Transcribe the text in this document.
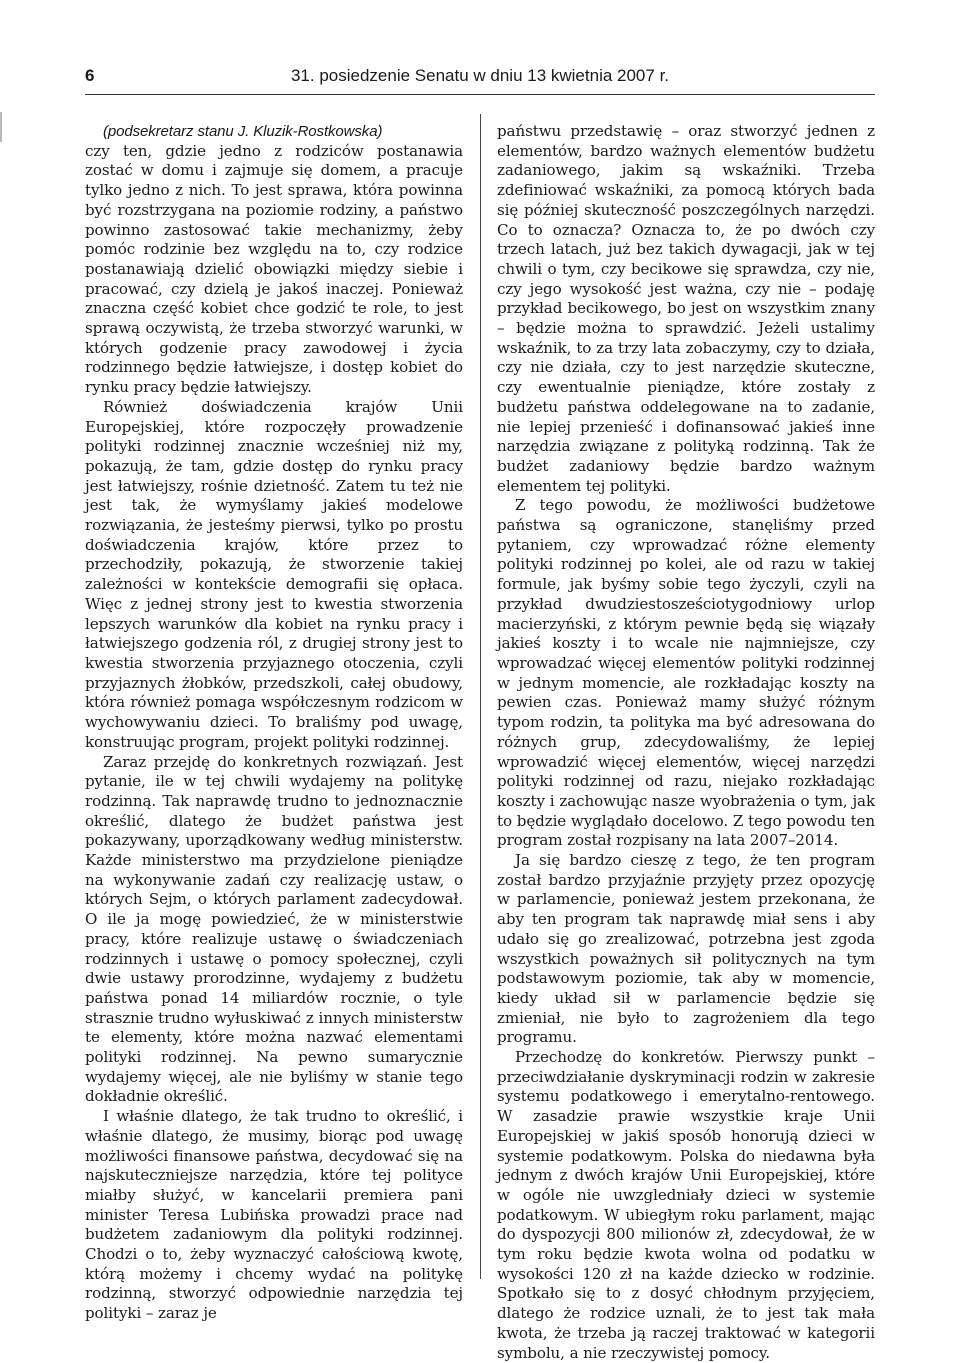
6	31. posiedzenie Senatu w dniu 13 kwietnia 2007 r.

(podsekretarz stanu J. Kluzik-Rostkowska)

czy ten, gdzie jedno z rodziców postanawia zostać w domu i zajmuje się domem, a pracuje tylko jedno z nich. To jest sprawa, która powinna być rozstrzygana na poziomie rodziny, a państwo powinno zastosować takie mechanizmy, żeby pomóc rodzinie bez względu na to, czy rodzice postanawiają dzielić obowiązki między siebie i pracować, czy dzielą je jakoś inaczej. Ponieważ znaczna część kobiet chce godzić te role, to jest sprawą oczywistą, że trzeba stworzyć warunki, w których godzenie pracy zawodowej i życia rodzinnego będzie łatwiejsze, i dostęp kobiet do rynku pracy będzie łatwiejszy.

Również doświadczenia krajów Unii Europejskiej, które rozpoczęły prowadzenie polityki rodzinnej znacznie wcześniej niż my, pokazują, że tam, gdzie dostęp do rynku pracy jest łatwiejszy, rośnie dzietność. Zatem tu też nie jest tak, że wymyślamy jakieś modelowe rozwiązania, że jesteśmy pierwsi, tylko po prostu doświadczenia krajów, które przez to przechodziły, pokazują, że stworzenie takiej zależności w kontekście demografii się opłaca. Więc z jednej strony jest to kwestia stworzenia lepszych warunków dla kobiet na rynku pracy i łatwiejszego godzenia ról, z drugiej strony jest to kwestia stworzenia przyjaznego otoczenia, czyli przyjaznych żłobków, przedszkoli, całej obudowy, która również pomaga współczesnym rodzicom w wychowywaniu dzieci. To braliśmy pod uwagę, konstruując program, projekt polityki rodzinnej.

Zaraz przejdę do konkretnych rozwiązań. Jest pytanie, ile w tej chwili wydajemy na politykę rodzinną. Tak naprawdę trudno to jednoznacznie określić, dlatego że budżet państwa jest pokazywany, uporządkowany według ministerstw. Każde ministerstwo ma przydzielone pieniądze na wykonywanie zadań czy realizację ustaw, o których Sejm, o których parlament zadecydował. O ile ja mogę powiedzieć, że w ministerstwie pracy, które realizuje ustawę o świadczeniach rodzinnych i ustawę o pomocy społecznej, czyli dwie ustawy prorodzinne, wydajemy z budżetu państwa ponad 14 miliardów rocznie, o tyle strasznie trudno wyłuskiwać z innych ministerstw te elementy, które można nazwać elementami polityki rodzinnej. Na pewno sumarycznie wydajemy więcej, ale nie byliśmy w stanie tego dokładnie określić.

I właśnie dlatego, że tak trudno to określić, i właśnie dlatego, że musimy, biorąc pod uwagę możliwości finansowe państwa, decydować się na najskuteczniejsze narzędzia, które tej polityce miałby służyć, w kancelarii premiera pani minister Teresa Lubińska prowadzi prace nad budżetem zadaniowym dla polityki rodzinnej. Chodzi o to, żeby wyznaczyć całościową kwotę, którą możemy i chcemy wydać na politykę rodzinną, stworzyć odpowiednie narzędzia tej polityki – zaraz je

państwu przedstawię – oraz stworzyć jednen z elementów, bardzo ważnych elementów budżetu zadaniowego, jakim są wskaźniki. Trzeba zdefiniować wskaźniki, za pomocą których bada się później skuteczność poszczególnych narzędzi. Co to oznacza? Oznacza to, że po dwóch czy trzech latach, już bez takich dywagacji, jak w tej chwili o tym, czy becikowe się sprawdza, czy nie, czy jego wysokość jest ważna, czy nie – podaję przykład becikowego, bo jest on wszystkim znany – będzie można to sprawdzić. Jeżeli ustalimy wskaźnik, to za trzy lata zobaczymy, czy to działa, czy nie działa, czy to jest narzędzie skuteczne, czy ewentualnie pieniądze, które zostały z budżetu państwa oddelegowane na to zadanie, nie lepiej przenieść i dofinansować jakieś inne narzędzia związane z polityką rodzinną. Tak że budżet zadaniowy będzie bardzo ważnym elementem tej polityki.

Z tego powodu, że możliwości budżetowe państwa są ograniczone, stanęliśmy przed pytaniem, czy wprowadzać różne elementy polityki rodzinnej po kolei, ale od razu w takiej formule, jak byśmy sobie tego życzyli, czyli na przykład dwudziestosześciotygodniowy urlop macierzyński, z którym pewnie będą się wiązały jakieś koszty i to wcale nie najmniejsze, czy wprowadzać więcej elementów polityki rodzinnej w jednym momencie, ale rozkładając koszty na pewien czas. Ponieważ mamy służyć różnym typom rodzin, ta polityka ma być adresowana do różnych grup, zdecydowaliśmy, że lepiej wprowadzić więcej elementów, więcej narzędzi polityki rodzinnej od razu, niejako rozkładając koszty i zachowując nasze wyobrażenia o tym, jak to będzie wyglądało docelowo. Z tego powodu ten program został rozpisany na lata 2007–2014.

Ja się bardzo cieszę z tego, że ten program został bardzo przyjaźnie przyjęty przez opozycję w parlamencie, ponieważ jestem przekonana, że aby ten program tak naprawdę miał sens i aby udało się go zrealizować, potrzebna jest zgoda wszystkich poważnych sił politycznych na tym podstawowym poziomie, tak aby w momencie, kiedy układ sił w parlamencie będzie się zmieniał, nie było to zagrożeniem dla tego programu.

Przechodzę do konkretów. Pierwszy punkt – przeciwdziałanie dyskryminacji rodzin w zakresie systemu podatkowego i emerytalno-rentowego. W zasadzie prawie wszystkie kraje Unii Europejskiej w jakiś sposób honorują dzieci w systemie podatkowym. Polska do niedawna była jednym z dwóch krajów Unii Europejskiej, które w ogóle nie uwzgledniały dzieci w systemie podatkowym. W ubiegłym roku parlament, mając do dyspozycji 800 milionów zł, zdecydował, że w tym roku będzie kwota wolna od podatku w wysokości 120 zł na każde dziecko w rodzinie. Spotkało się to z dosyć chłodnym przyjęciem, dlatego że rodzice uznali, że to jest tak mała kwota, że trzeba ją raczej traktować w kategorii symbolu, a nie rzeczywistej pomocy.
